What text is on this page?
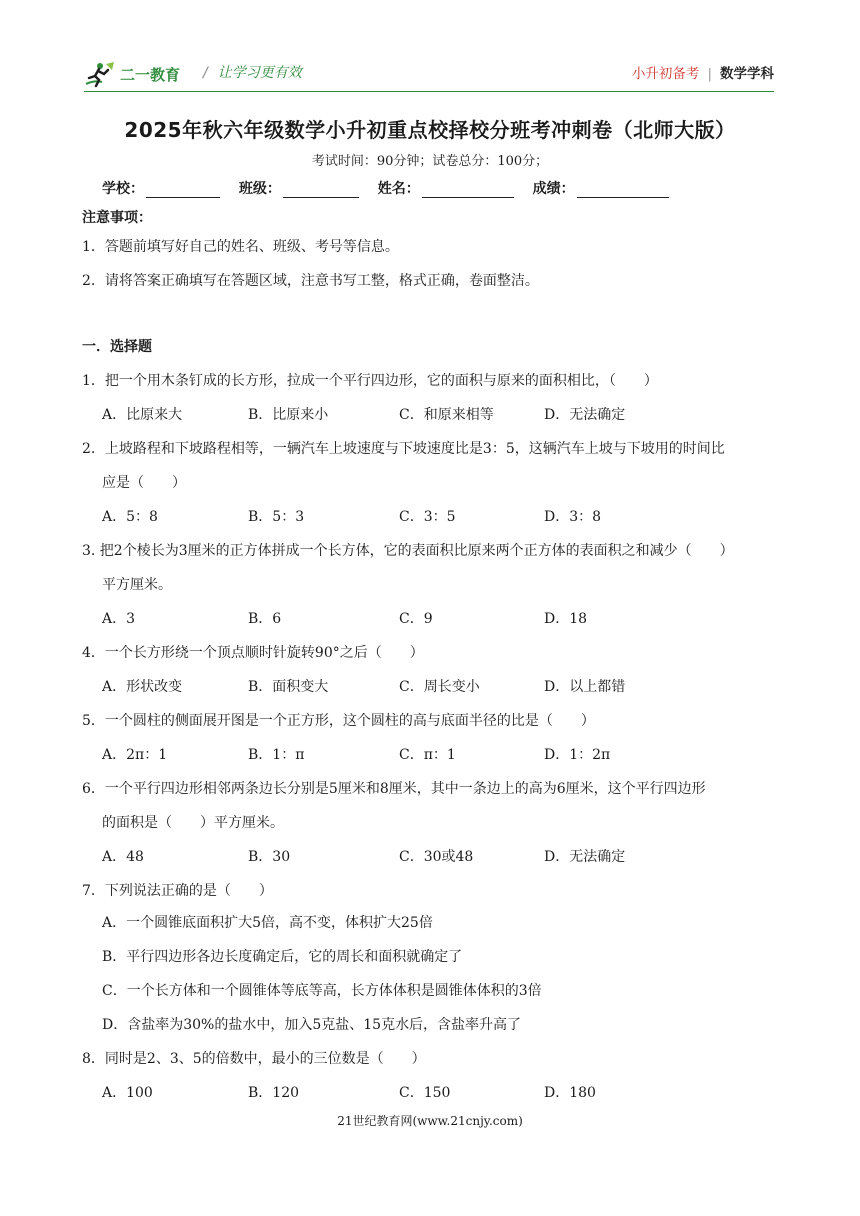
二一教育 / 让学习更有效	小升初备考 | 数学学科
2025年秋六年级数学小升初重点校择校分班考冲刺卷（北师大版）
考试时间：90分钟；试卷总分：100分；
学校：	班级：	姓名：	成绩：
注意事项：
1．答题前填写好自己的姓名、班级、考号等信息。
2．请将答案正确填写在答题区域，注意书写工整，格式正确，卷面整洁。
一．选择题
1．把一个用木条钉成的长方形，拉成一个平行四边形，它的面积与原来的面积相比，（　　）
A．比原来大	B．比原来小	C．和原来相等	D．无法确定
2．上坡路程和下坡路程相等，一辆汽车上坡速度与下坡速度比是3：5，这辆汽车上坡与下坡用的时间比
应是（　　）
A．5：8	B．5：3	C．3：5	D．3：8
3. 把2个棱长为3厘米的正方体拼成一个长方体，它的表面积比原来两个正方体的表面积之和减少（　　）
平方厘米。
A．3	B．6	C．9	D．18
4．一个长方形绕一个顶点顺时针旋转90°之后（　　）
A．形状改变	B．面积变大	C．周长变小	D．以上都错
5．一个圆柱的侧面展开图是一个正方形，这个圆柱的高与底面半径的比是（　　）
A．2π：1	B．1：π	C．π：1	D．1：2π
6．一个平行四边形相邻两条边长分别是5厘米和8厘米，其中一条边上的高为6厘米，这个平行四边形
的面积是（　　）平方厘米。
A．48	B．30	C．30或48	D．无法确定
7．下列说法正确的是（　　）
A．一个圆锥底面积扩大5倍，高不变，体积扩大25倍
B．平行四边形各边长度确定后，它的周长和面积就确定了
C．一个长方体和一个圆锥体等底等高，长方体体积是圆锥体体积的3倍
D．含盐率为30%的盐水中，加入5克盐、15克水后，含盐率升高了
8．同时是2、3、5的倍数中，最小的三位数是（　　）
A．100	B．120	C．150	D．180
21世纪教育网(www.21cnjy.com)
